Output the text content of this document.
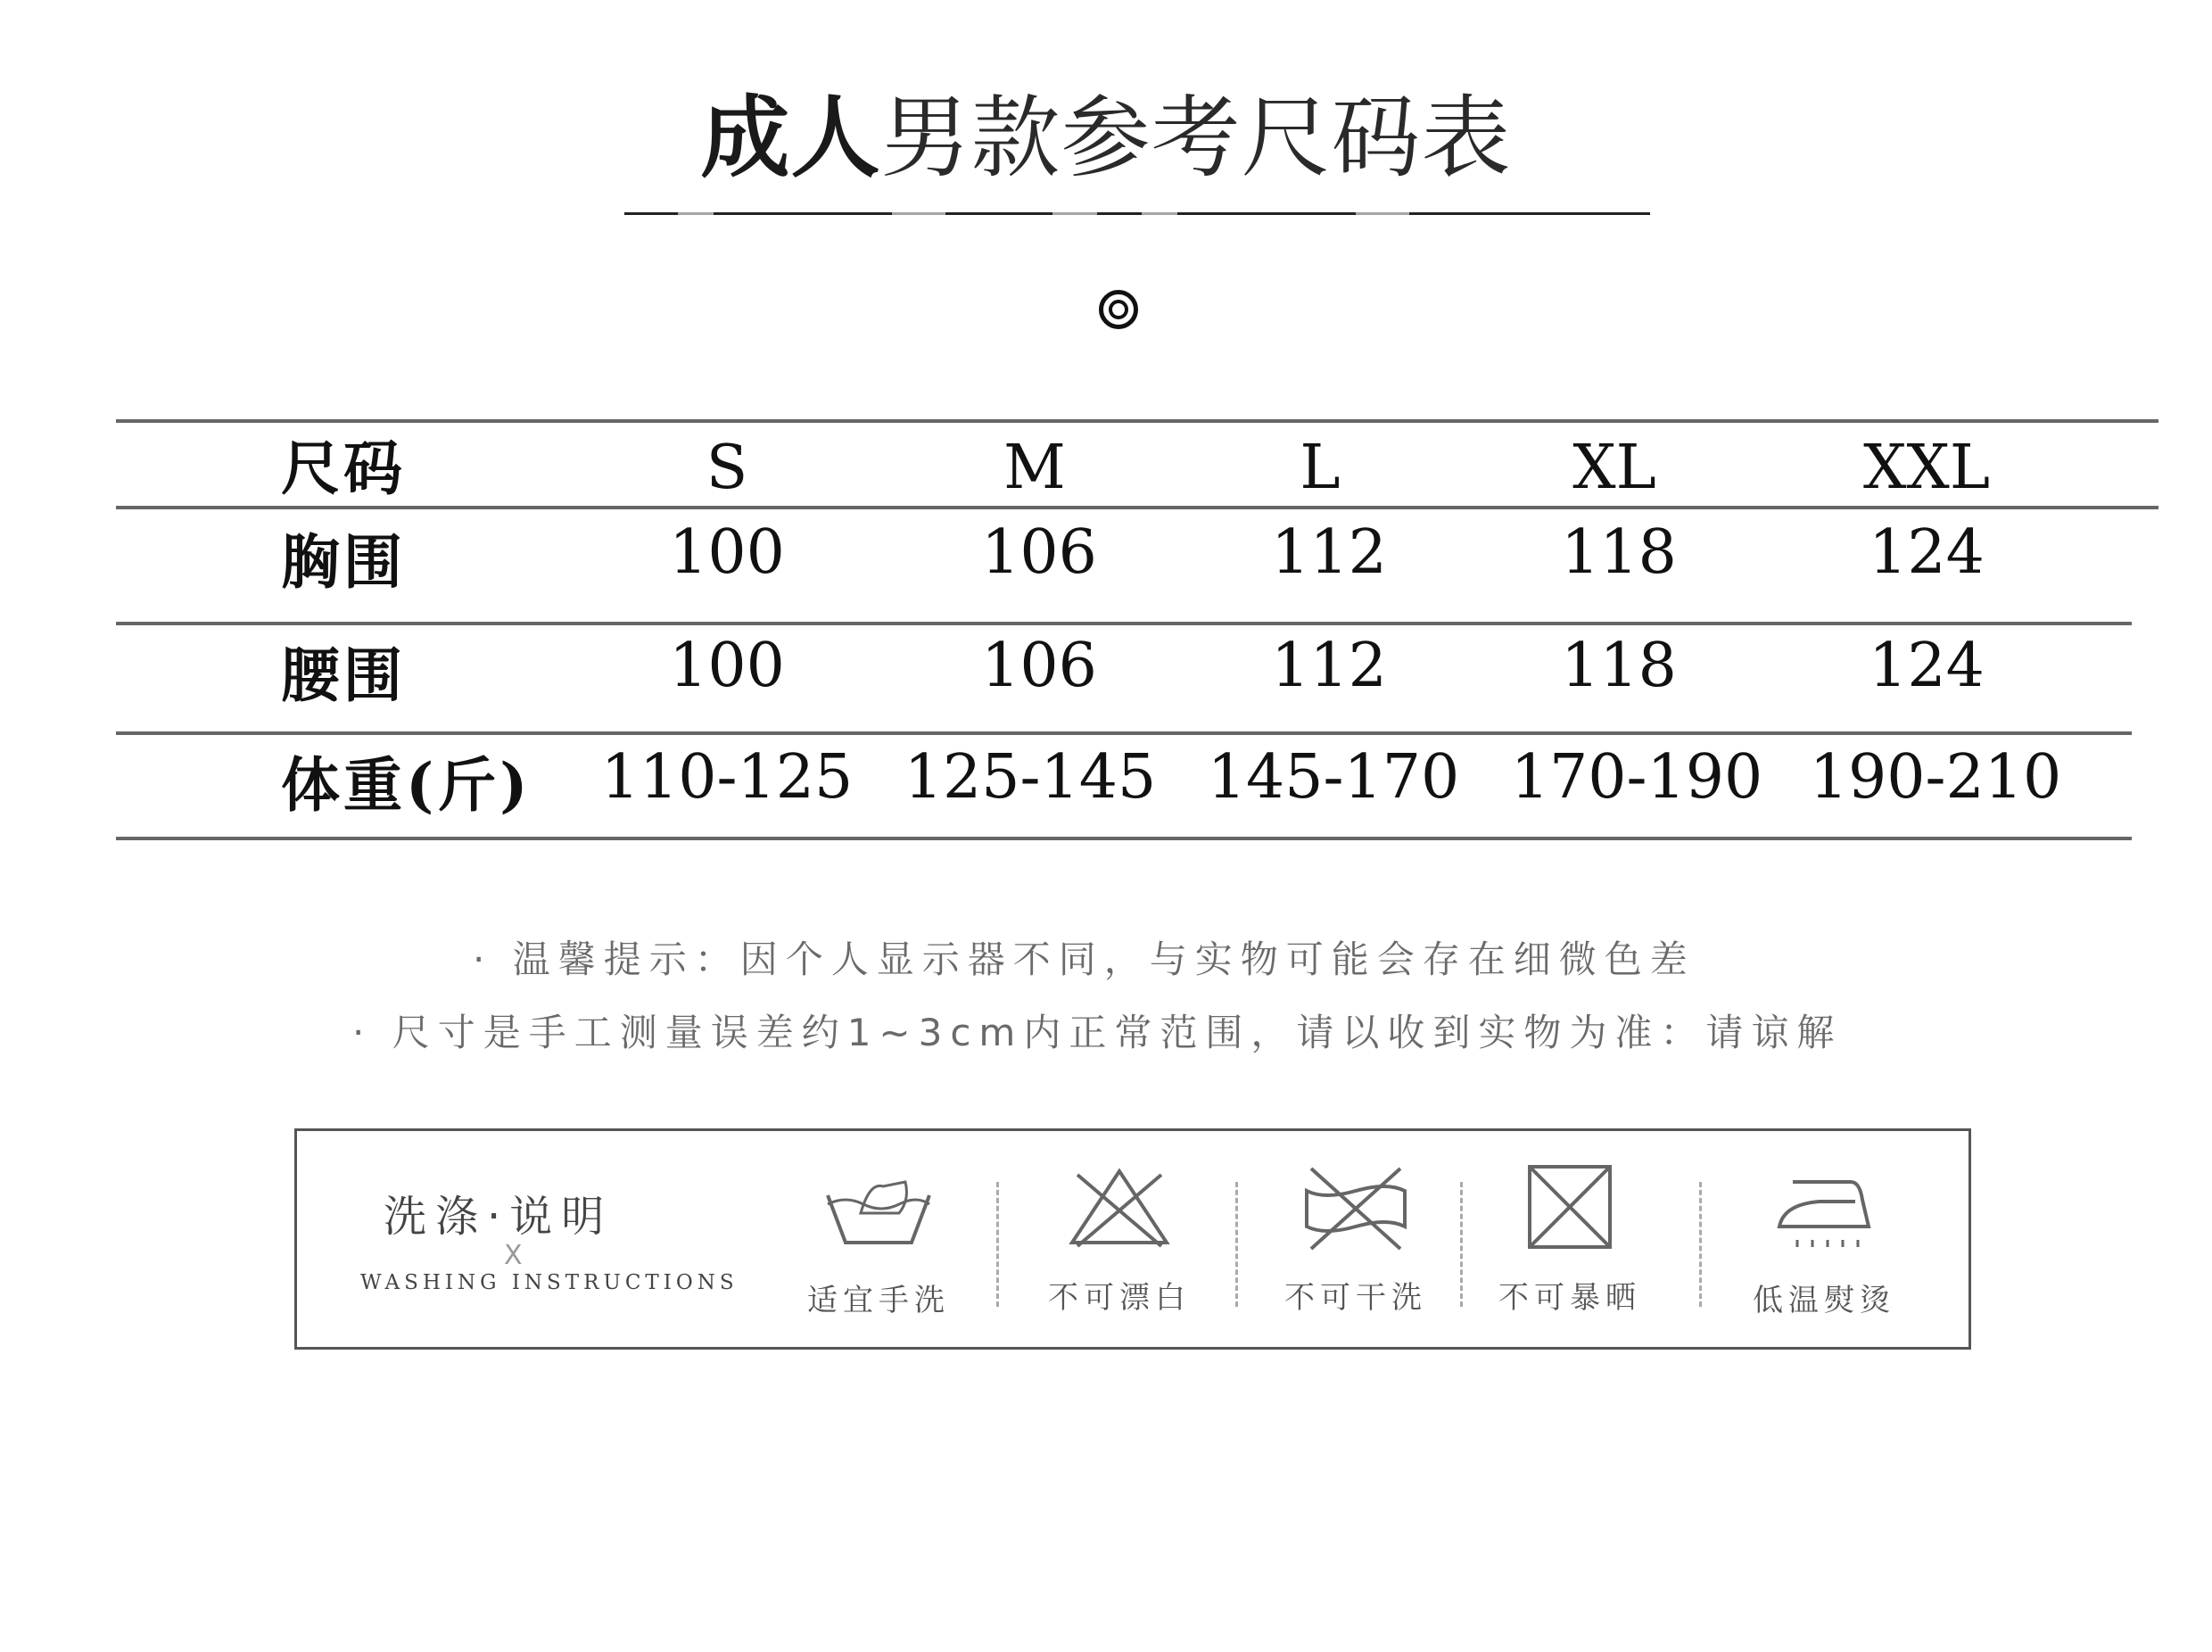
成人男款参考尺码表
尺码	S	M	L	XL	XXL
胸围	100	106	112	118	124
腰围	100	106	112	118	124
体重(斤)	110-125 125-145 145-170 170-190 190-210
· 温馨提示：因个人显示器不同，与实物可能会存在细微色差
· 尺寸是手工测量误差约1~3cm内正常范围，请以收到实物为准：请谅解
洗涤·说明
X
WASHING INSTRUCTIONS 适宜手洗	不可漂白	不可干洗	不可暴晒	低温熨烫
